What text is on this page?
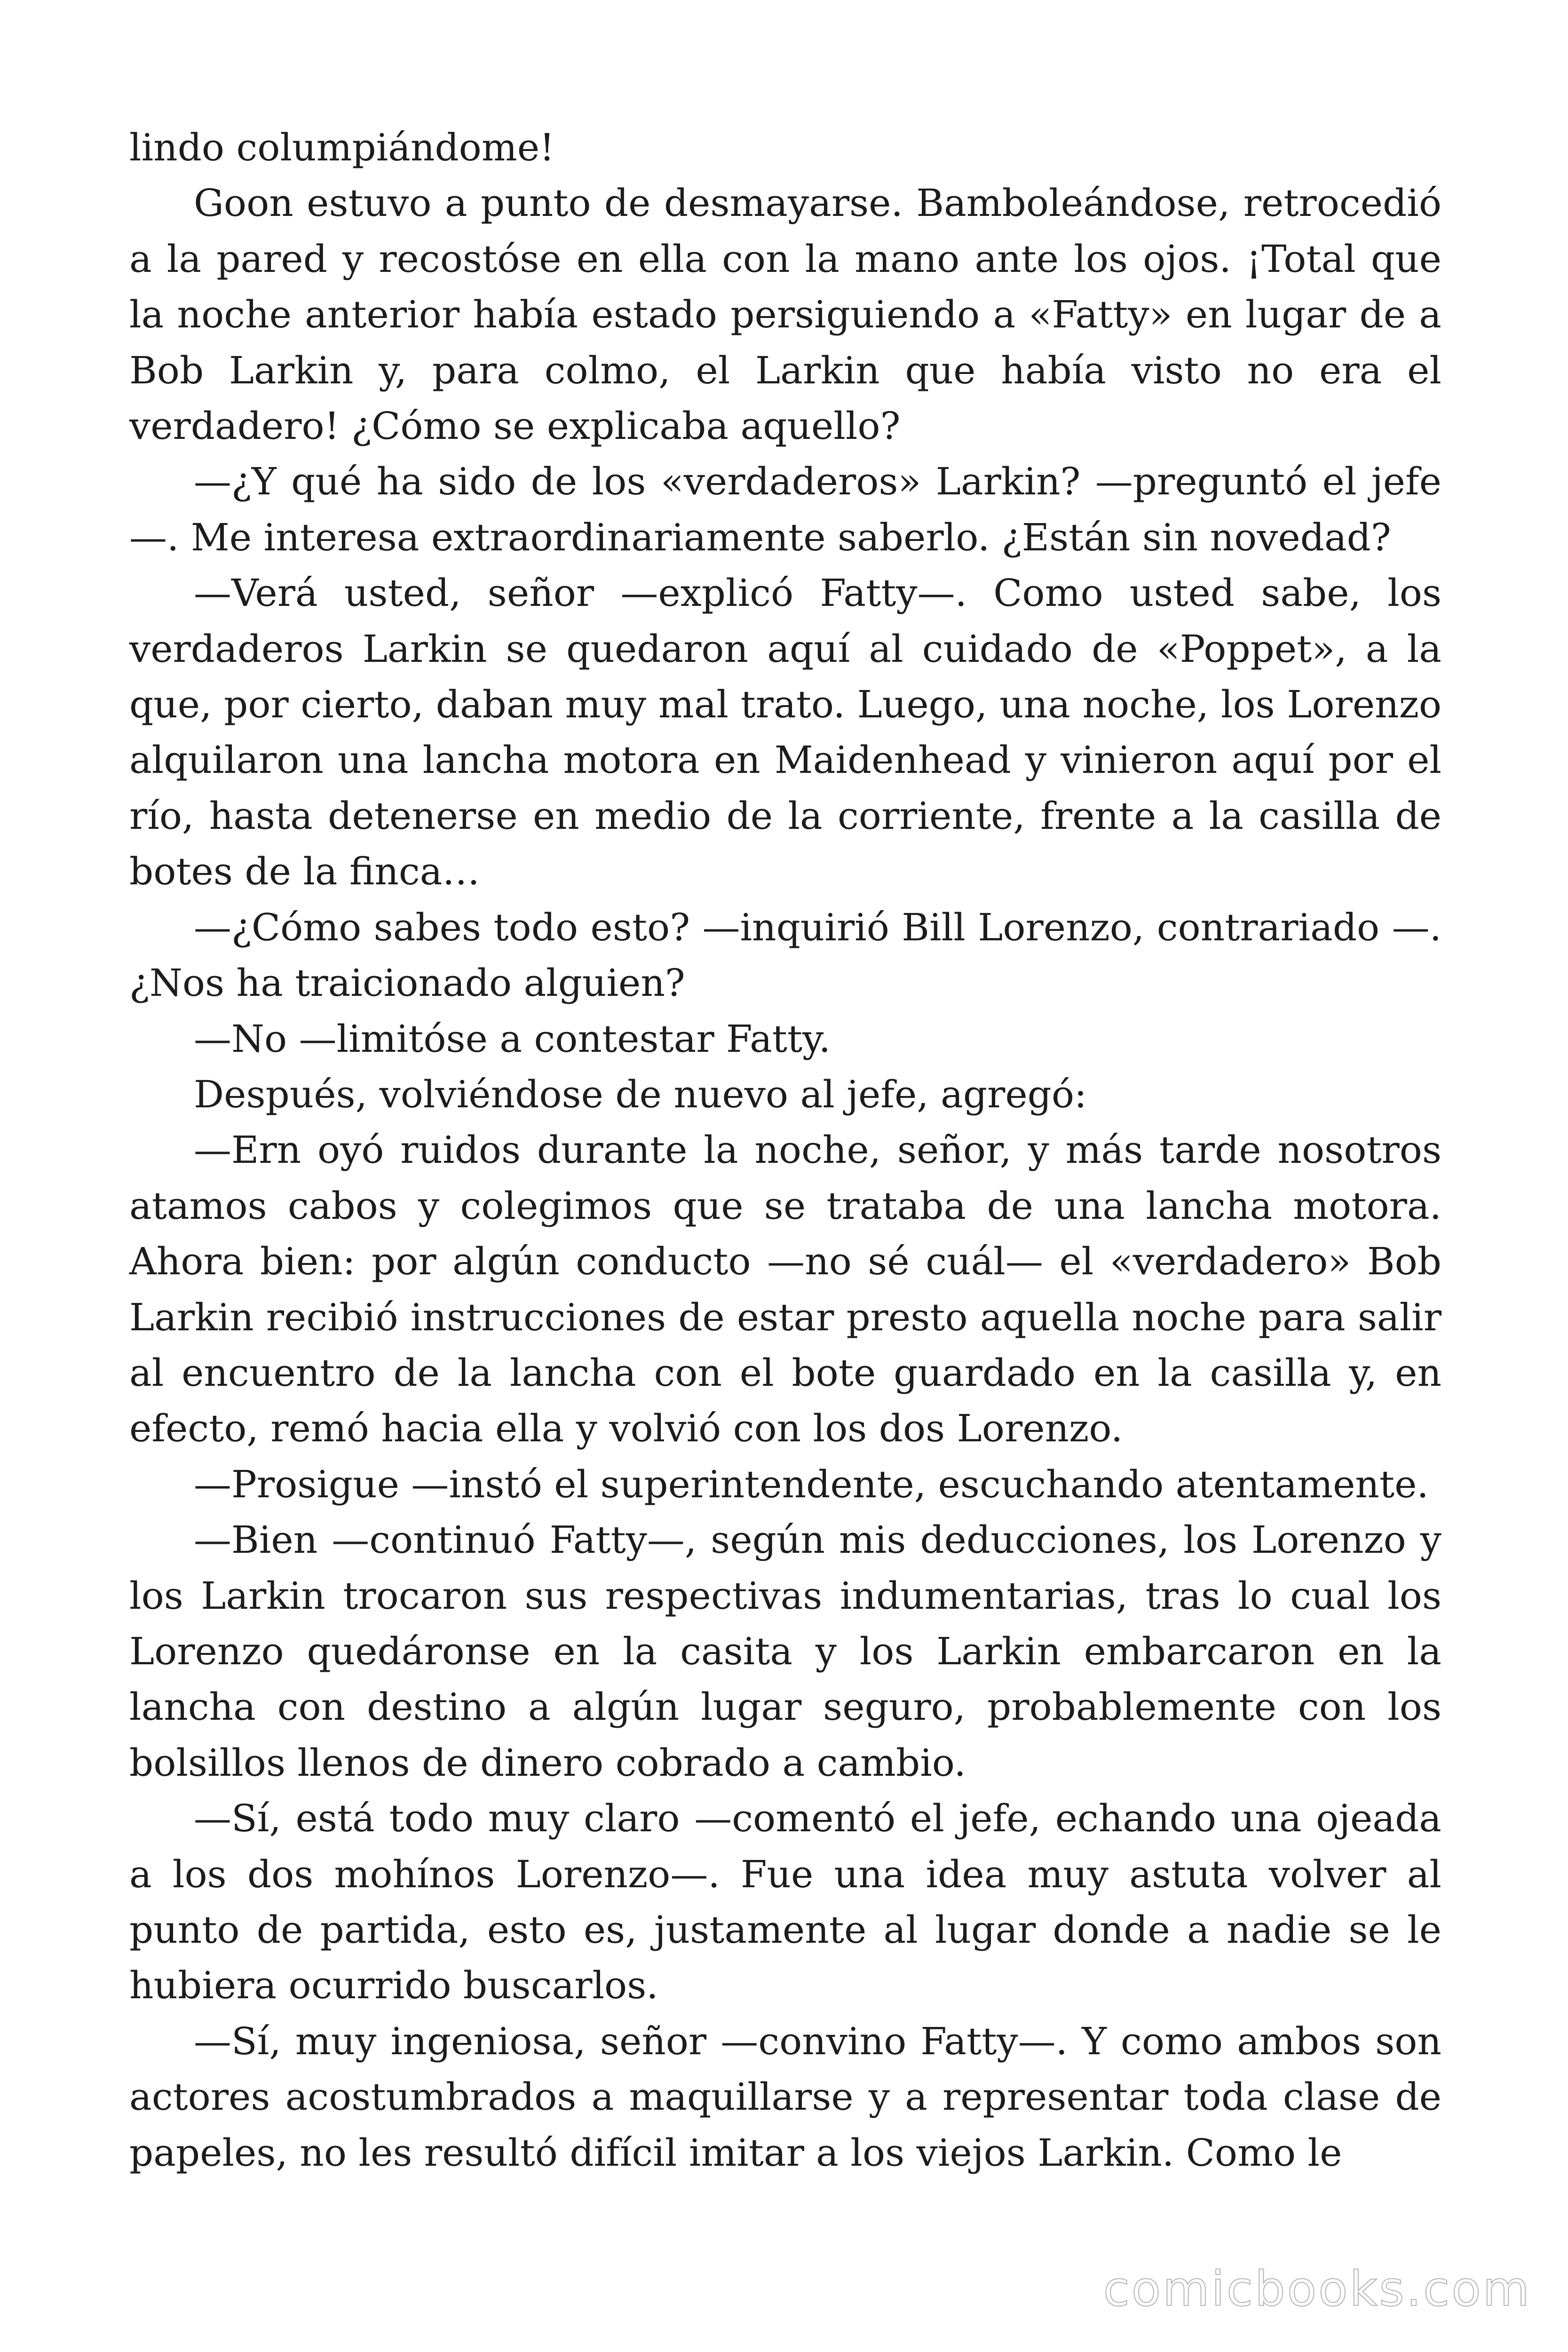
lindo columpiándome!

Goon estuvo a punto de desmayarse. Bamboleándose, retrocedió a la pared y recostóse en ella con la mano ante los ojos. ¡Total que la noche anterior había estado persiguiendo a «Fatty» en lugar de a Bob Larkin y, para colmo, el Larkin que había visto no era el verdadero! ¿Cómo se explicaba aquello?

—¿Y qué ha sido de los «verdaderos» Larkin? —preguntó el jefe —. Me interesa extraordinariamente saberlo. ¿Están sin novedad?

—Verá usted, señor —explicó Fatty—. Como usted sabe, los verdaderos Larkin se quedaron aquí al cuidado de «Poppet», a la que, por cierto, daban muy mal trato. Luego, una noche, los Lorenzo alquilaron una lancha motora en Maidenhead y vinieron aquí por el río, hasta detenerse en medio de la corriente, frente a la casilla de botes de la finca…

—¿Cómo sabes todo esto? —inquirió Bill Lorenzo, contrariado —. ¿Nos ha traicionado alguien?

—No —limitóse a contestar Fatty.

Después, volviéndose de nuevo al jefe, agregó:

—Ern oyó ruidos durante la noche, señor, y más tarde nosotros atamos cabos y colegimos que se trataba de una lancha motora. Ahora bien: por algún conducto —no sé cuál— el «verdadero» Bob Larkin recibió instrucciones de estar presto aquella noche para salir al encuentro de la lancha con el bote guardado en la casilla y, en efecto, remó hacia ella y volvió con los dos Lorenzo.

—Prosigue —instó el superintendente, escuchando atentamente.

—Bien —continuó Fatty—, según mis deducciones, los Lorenzo y los Larkin trocaron sus respectivas indumentarias, tras lo cual los Lorenzo quedáronse en la casita y los Larkin embarcaron en la lancha con destino a algún lugar seguro, probablemente con los bolsillos llenos de dinero cobrado a cambio.

—Sí, está todo muy claro —comentó el jefe, echando una ojeada a los dos mohínos Lorenzo—. Fue una idea muy astuta volver al punto de partida, esto es, justamente al lugar donde a nadie se le hubiera ocurrido buscarlos.

—Sí, muy ingeniosa, señor —convino Fatty—. Y como ambos son actores acostumbrados a maquillarse y a representar toda clase de papeles, no les resultó difícil imitar a los viejos Larkin. Como le

comicbooks.com
